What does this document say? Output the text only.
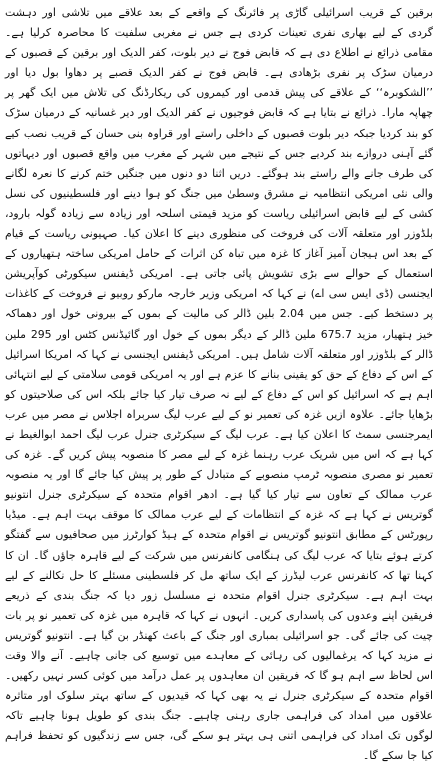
برقین کے قریب اسرائیلی گاڑی پر فائرنگ کے واقعے کے بعد علاقے میں تلاشی اور دہشت گردی کے لیے بھاری نفری تعینات کردی ہے جس نے مغربی سلفیت کا محاصرہ کرلیا ہے۔ مقامی ذرائع نے اطلاع دی ہے کہ قابض فوج نے دیر بلوت، کفر الدیک اور برقین کے قصبوں کے درمیان سڑک پر نفری بڑھادی ہے۔ قابض فوج نے کفر الدیک قصبے پر دھاوا بول دیا اور ’’الشکوبرہ‘‘ کے علاقے کی پیش قدمی اور کیمروں کی ریکارڈنگ کی تلاش میں ایک گھر پر چھاپہ مارا۔ ذرائع نے بتایا ہے کہ قابض فوجیوں نے کفر الدیک اور دیر غسانیہ کے درمیان سڑک کو بند کردیا جبکہ دیر بلوت قصبوں کے داخلی راستے اور قراوہ بنی حسان کے قریب نصب کیے گئے آہنی دروازے بند کردیے جس کے نتیجے میں شہر کے مغرب میں واقع قصبوں اور دیہاتوں کی طرف جانے والے راستے بند ہوگئے۔ دریں اثنا دو دنوں میں جنگیں ختم کرنے کا نعرہ لگانے والی نئی امریکی انتظامیہ نے مشرق وسطیٰ میں جنگ کو ہوا دینے اور فلسطینیوں کی نسل کشی کے لیے قابض اسرائیلی ریاست کو مزید قیمتی اسلحہ اور زیادہ سے زیادہ گولہ بارود، بلڈوزر اور متعلقہ آلات کی فروخت کی منظوری دینے کا اعلان کیا۔ صہیونی ریاست کے قیام کے بعد اس ہیجان آمیز آغاز کا غزہ میں تباہ کن اثرات کے حامل امریکی ساختہ ہتھیاروں کے استعمال کے حوالے سے بڑی تشویش پائی جاتی ہے۔ امریکی ڈیفنس سیکورٹی کوآپریشن ایجنسی (ڈی ایس سی اے) نے کہا کہ امریکی وزیر خارجہ مارکو روبیو نے فروخت کے کاغذات پر دستخط کیے۔ جس میں 2.04 بلین ڈالر کی مالیت کے بموں کے بیرونی خول اور دھماکہ خیز ہتھیار، مزید 675.7 ملین ڈالر کے دیگر بموں کے خول اور گائیڈنس کٹس اور 295 ملین ڈالر کے بلڈوزر اور متعلقہ آلات شامل ہیں۔ امریکی ڈیفنس ایجنسی نے کہا کہ امریکا اسرائیل کے اس کے دفاع کے حق کو یقینی بنانے کا عزم ہے اور یہ امریکی قومی سلامتی کے لیے انتہائی اہم ہے کہ اسرائیل کو اس کے دفاع کے لیے نہ صرف تیار کیا جائے بلکہ اس کی صلاحیتوں کو بڑھایا جائے۔ علاوہ ازیں غزہ کی تعمیر نو کے لیے عرب لیگ سربراہ اجلاس نے مصر میں عرب ایمرجنسی سمٹ کا اعلان کیا ہے۔ عرب لیگ کے سیکرٹری جنرل عرب لیگ احمد ابوالغیط نے کہا ہے کہ اس میں شریک عرب رہنما غزہ کے لیے مصر کا منصوبہ پیش کریں گے۔ غزہ کی تعمیر نو مصری منصوبہ ٹرمپ منصوبے کے متبادل کے طور پر پیش کیا جائے گا اور یہ منصوبہ عرب ممالک کے تعاون سے تیار کیا گیا ہے۔ ادھر اقوام متحدہ کے سیکرٹری جنرل انتونیو گوتریس نے کہا ہے کہ غزہ کے انتظامات کے لیے عرب ممالک کا موقف بہت اہم ہے۔ میڈیا رپورٹس کے مطابق انتونیو گوتریس نے اقوام متحدہ کے ہیڈ کوارٹرز میں صحافیوں سے گفتگو کرتے ہوئے بتایا کہ عرب لیگ کی ہنگامی کانفرنس میں شرکت کے لیے قاہرہ جاؤں گا۔ ان کا کہنا تھا کہ کانفرنس عرب لیڈرز کے ایک ساتھ مل کر فلسطینی مسئلے کا حل نکالنے کے لیے بہت اہم ہے۔ سیکرٹری جنرل اقوام متحدہ نے مسلسل زور دیا کہ جنگ بندی کے ذریعے فریقین اپنے وعدوں کی پاسداری کریں۔ انہوں نے کہا کہ قاہرہ میں غزہ کی تعمیر نو پر بات چیت کی جائے گی۔ جو اسرائیلی بمباری اور جنگ کے باعث کھنڈر بن گیا ہے۔ انتونیو گوتریس نے مزید کہا کہ یرغمالیوں کی رہائی کے معاہدے میں توسیع کی جانی چاہیے۔ آنے والا وقت اس لحاظ سے اہم ہو گا کہ فریقین ان معاہدوں پر عمل درآمد میں کوئی کسر نہیں رکھیں۔ اقوام متحدہ کے سیکرٹری جنرل نے یہ بھی کہا کہ قیدیوں کے ساتھ بہتر سلوک اور متاثرہ علاقوں میں امداد کی فراہمی جاری رہنی چاہیے۔ جنگ بندی کو طویل ہونا چاہیے تاکہ لوگوں تک امداد کی فراہمی اتنی ہی بہتر ہو سکے گی، جس سے زندگیوں کو تحفظ فراہم کیا جا سکے گا۔
